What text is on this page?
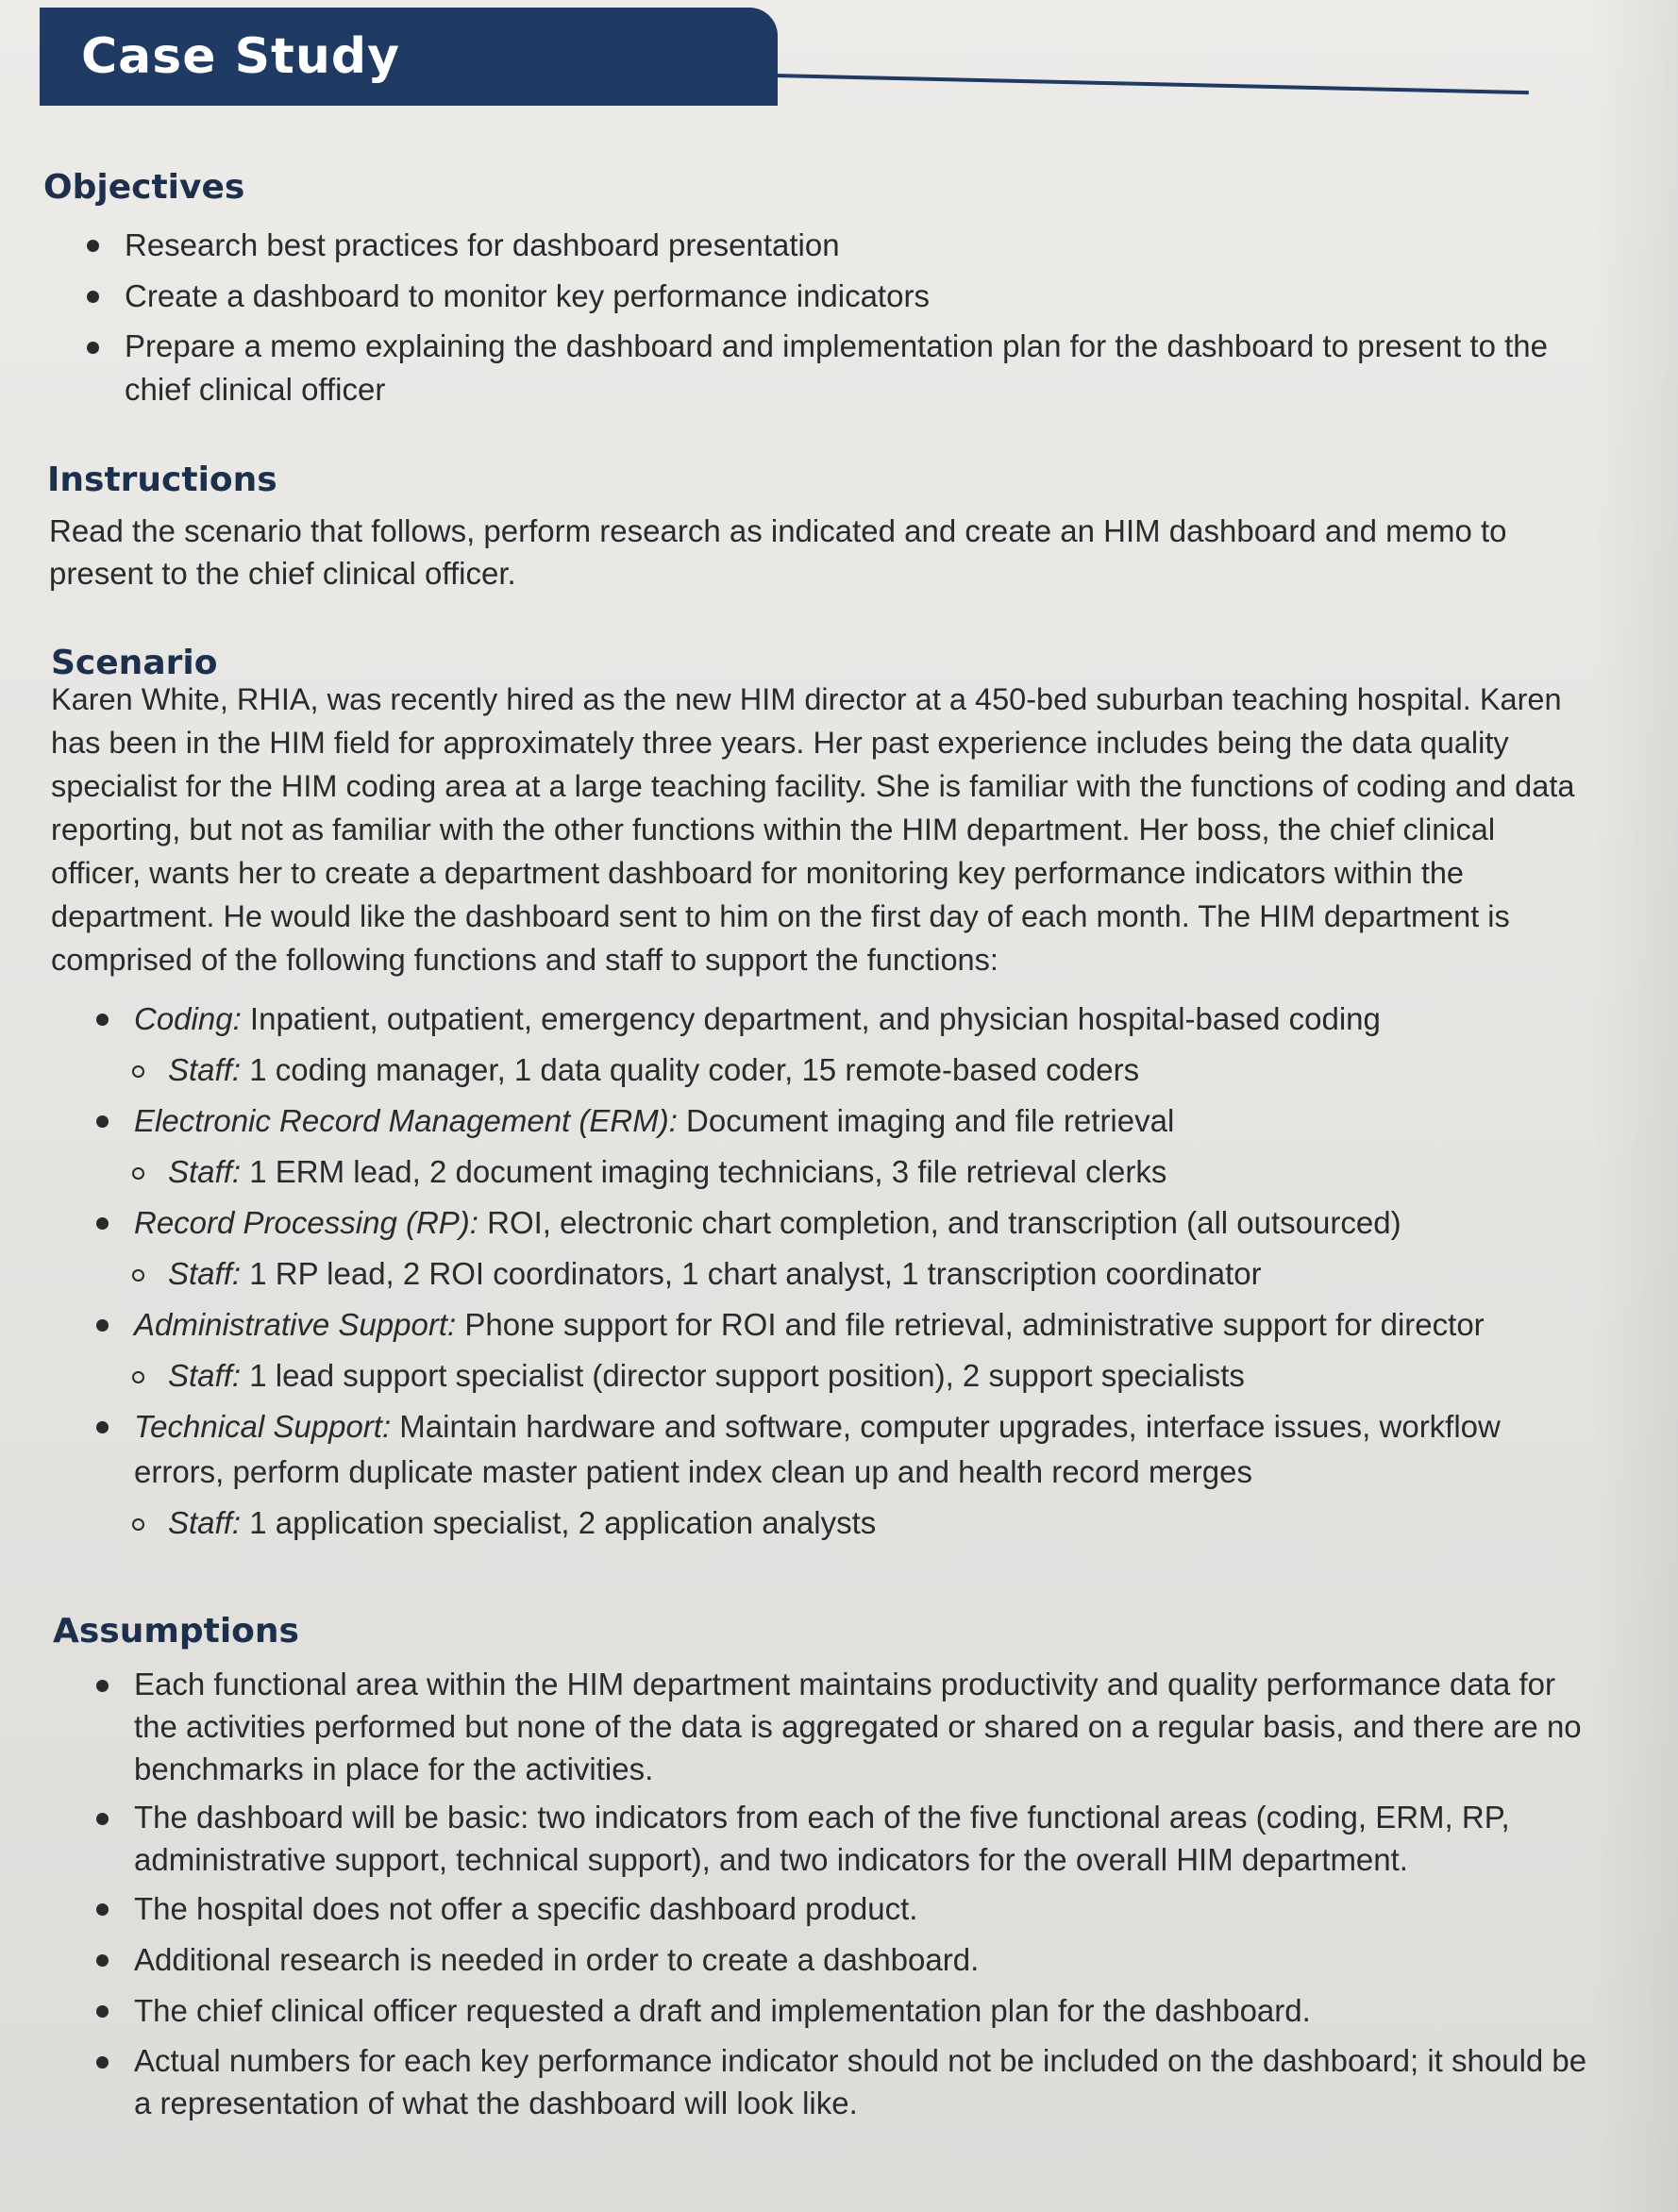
Case Study
Objectives
Research best practices for dashboard presentation
Create a dashboard to monitor key performance indicators
Prepare a memo explaining the dashboard and implementation plan for the dashboard to present to the chief clinical officer
Instructions

Read the scenario that follows, perform research as indicated and create an HIM dashboard and memo to present to the chief clinical officer.

Scenario

Karen White, RHIA, was recently hired as the new HIM director at a 450-bed suburban teaching hospital. Karen has been in the HIM field for approximately three years. Her past experience includes being the data quality specialist for the HIM coding area at a large teaching facility. She is familiar with the functions of coding and data reporting, but not as familiar with the other functions within the HIM department. Her boss, the chief clinical officer, wants her to create a department dashboard for monitoring key performance indicators within the department. He would like the dashboard sent to him on the first day of each month. The HIM department is comprised of the following functions and staff to support the functions:

Coding: Inpatient, outpatient, emergency department, and physician hospital-based coding
Staff: 1 coding manager, 1 data quality coder, 15 remote-based coders
Electronic Record Management (ERM): Document imaging and file retrieval
Staff: 1 ERM lead, 2 document imaging technicians, 3 file retrieval clerks
Record Processing (RP): ROI, electronic chart completion, and transcription (all outsourced)
Staff: 1 RP lead, 2 ROI coordinators, 1 chart analyst, 1 transcription coordinator
Administrative Support: Phone support for ROI and file retrieval, administrative support for director
Staff: 1 lead support specialist (director support position), 2 support specialists
Technical Support: Maintain hardware and software, computer upgrades, interface issues, workflow errors, perform duplicate master patient index clean up and health record merges
Staff: 1 application specialist, 2 application analysts
Assumptions
Each functional area within the HIM department maintains productivity and quality performance data for the activities performed but none of the data is aggregated or shared on a regular basis, and there are no benchmarks in place for the activities.
The dashboard will be basic: two indicators from each of the five functional areas (coding, ERM, RP, administrative support, technical support), and two indicators for the overall HIM department.
The hospital does not offer a specific dashboard product.
Additional research is needed in order to create a dashboard.
The chief clinical officer requested a draft and implementation plan for the dashboard.
Actual numbers for each key performance indicator should not be included on the dashboard; it should be a representation of what the dashboard will look like.
